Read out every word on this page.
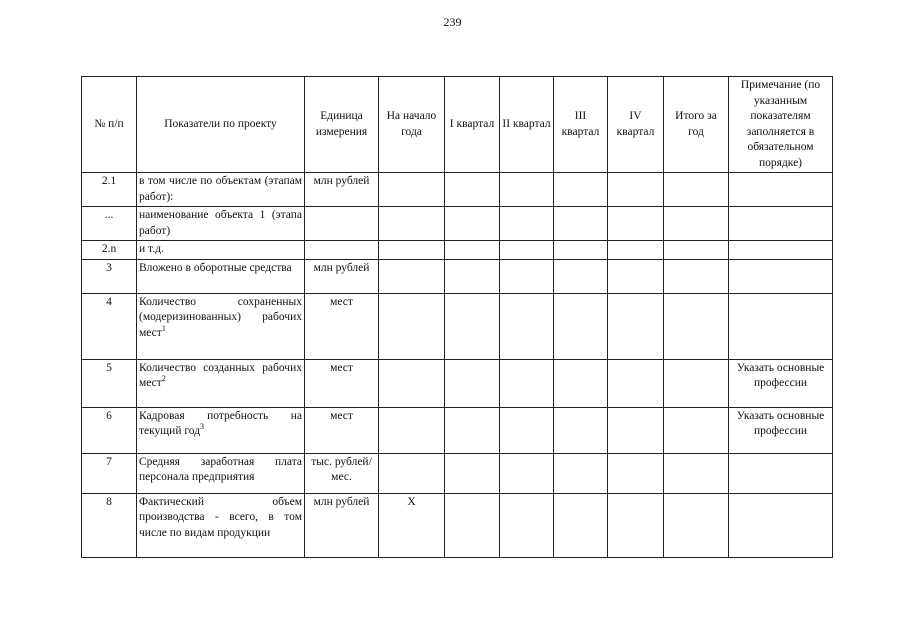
239
№ п/п	Показатели по проекту	Единица измерения	На начало года	I квартал	II квартал	III квартал	IV квартал	Итого за год	Примечание (по указанным показателям заполняется в обязательном порядке)
2.1	в том числе по объектам (этапам работ):	млн рублей							
...	наименование объекта 1 (этапа работ)								
2.n	и т.д.								
3	Вложено в оборотные средства	млн рублей							
4	Количество сохраненных (модеризинованных) рабочих мест$^1$	мест							
5	Количество созданных рабочих мест$^2$	мест							Указать основные профессии
6	Кадровая потребность на текущий год$^3$	мест							Указать основные профессии
7	Средняя заработная плата персонала предприятия	тыс. рублей/мес.							
8	Фактический объем производства - всего, в том числе по видам продукции	млн рублей	X						
